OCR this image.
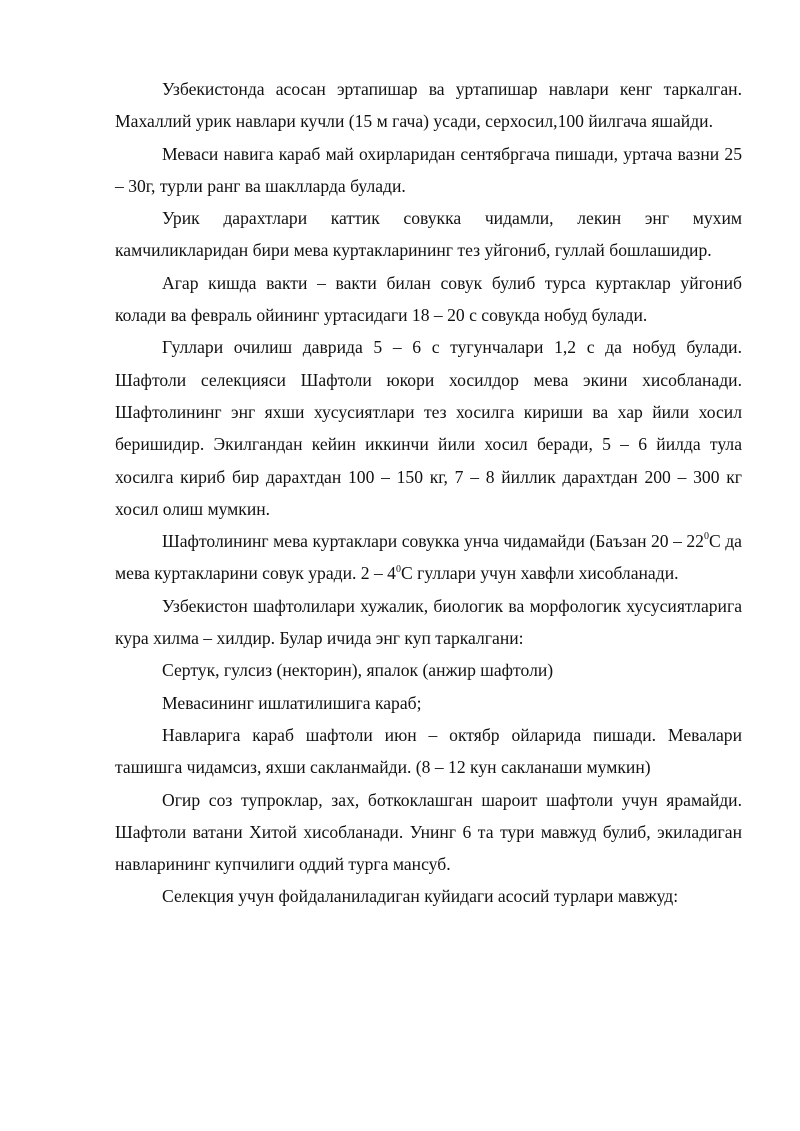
Узбекистонда асосан эртапишар ва уртапишар навлари кенг таркалган. Махаллий урик навлари кучли (15 м гача) усади, серхосил,100 йилгача яшайди.

Меваси навига караб май охирларидан сентябргача пишади, уртача вазни 25 – 30г, турли ранг ва шаклларда булади.

Урик дарахтлари каттик совукка чидамли, лекин энг мухим камчиликларидан бири мева куртакларининг тез уйгониб, гуллай бошлашидир.

Агар кишда вакти – вакти билан совук булиб турса куртаклар уйгониб колади ва февраль ойининг уртасидаги 18 – 20 с совукда нобуд булади.

Гуллари очилиш даврида 5 – 6 с тугунчалари 1,2 с да нобуд булади. Шафтоли селекцияси Шафтоли юкори хосилдор мева экини хисобланади. Шафтолининг энг яхши хусусиятлари тез хосилга кириши ва хар йили хосил беришидир. Экилгандан кейин иккинчи йили хосил беради, 5 – 6 йилда тула хосилга кириб бир дарахтдан 100 – 150 кг, 7 – 8 йиллик дарахтдан 200 – 300 кг хосил олиш мумкин.

Шафтолининг мева куртаклари совукка унча чидамайди (Баъзан $20 - 22^0С$ да мева куртакларини совук уради. $2 - 4^0С$ гуллари учун хавфли хисобланади.

Узбекистон шафтолилари хужалик, биологик ва морфологик хусусиятларига кура хилма – хилдир. Булар ичида энг куп таркалгани:

Сертук, гулсиз (некторин), япалок (анжир шафтоли)

Мевасининг ишлатилишига караб;

Навларига караб шафтоли июн – октябр ойларида пишади. Мевалари ташишга чидамсиз, яхши сакланмайди. (8 – 12 кун сакланаши мумкин)

Огир соз тупроклар, зах, боткоклашган шароит шафтоли учун ярамайди. Шафтоли ватани Хитой хисобланади. Унинг 6 та тури мавжуд булиб, экиладиган навларининг купчилиги оддий турга мансуб.

Селекция учун фойдаланиладиган куйидаги асосий турлари мавжуд:
